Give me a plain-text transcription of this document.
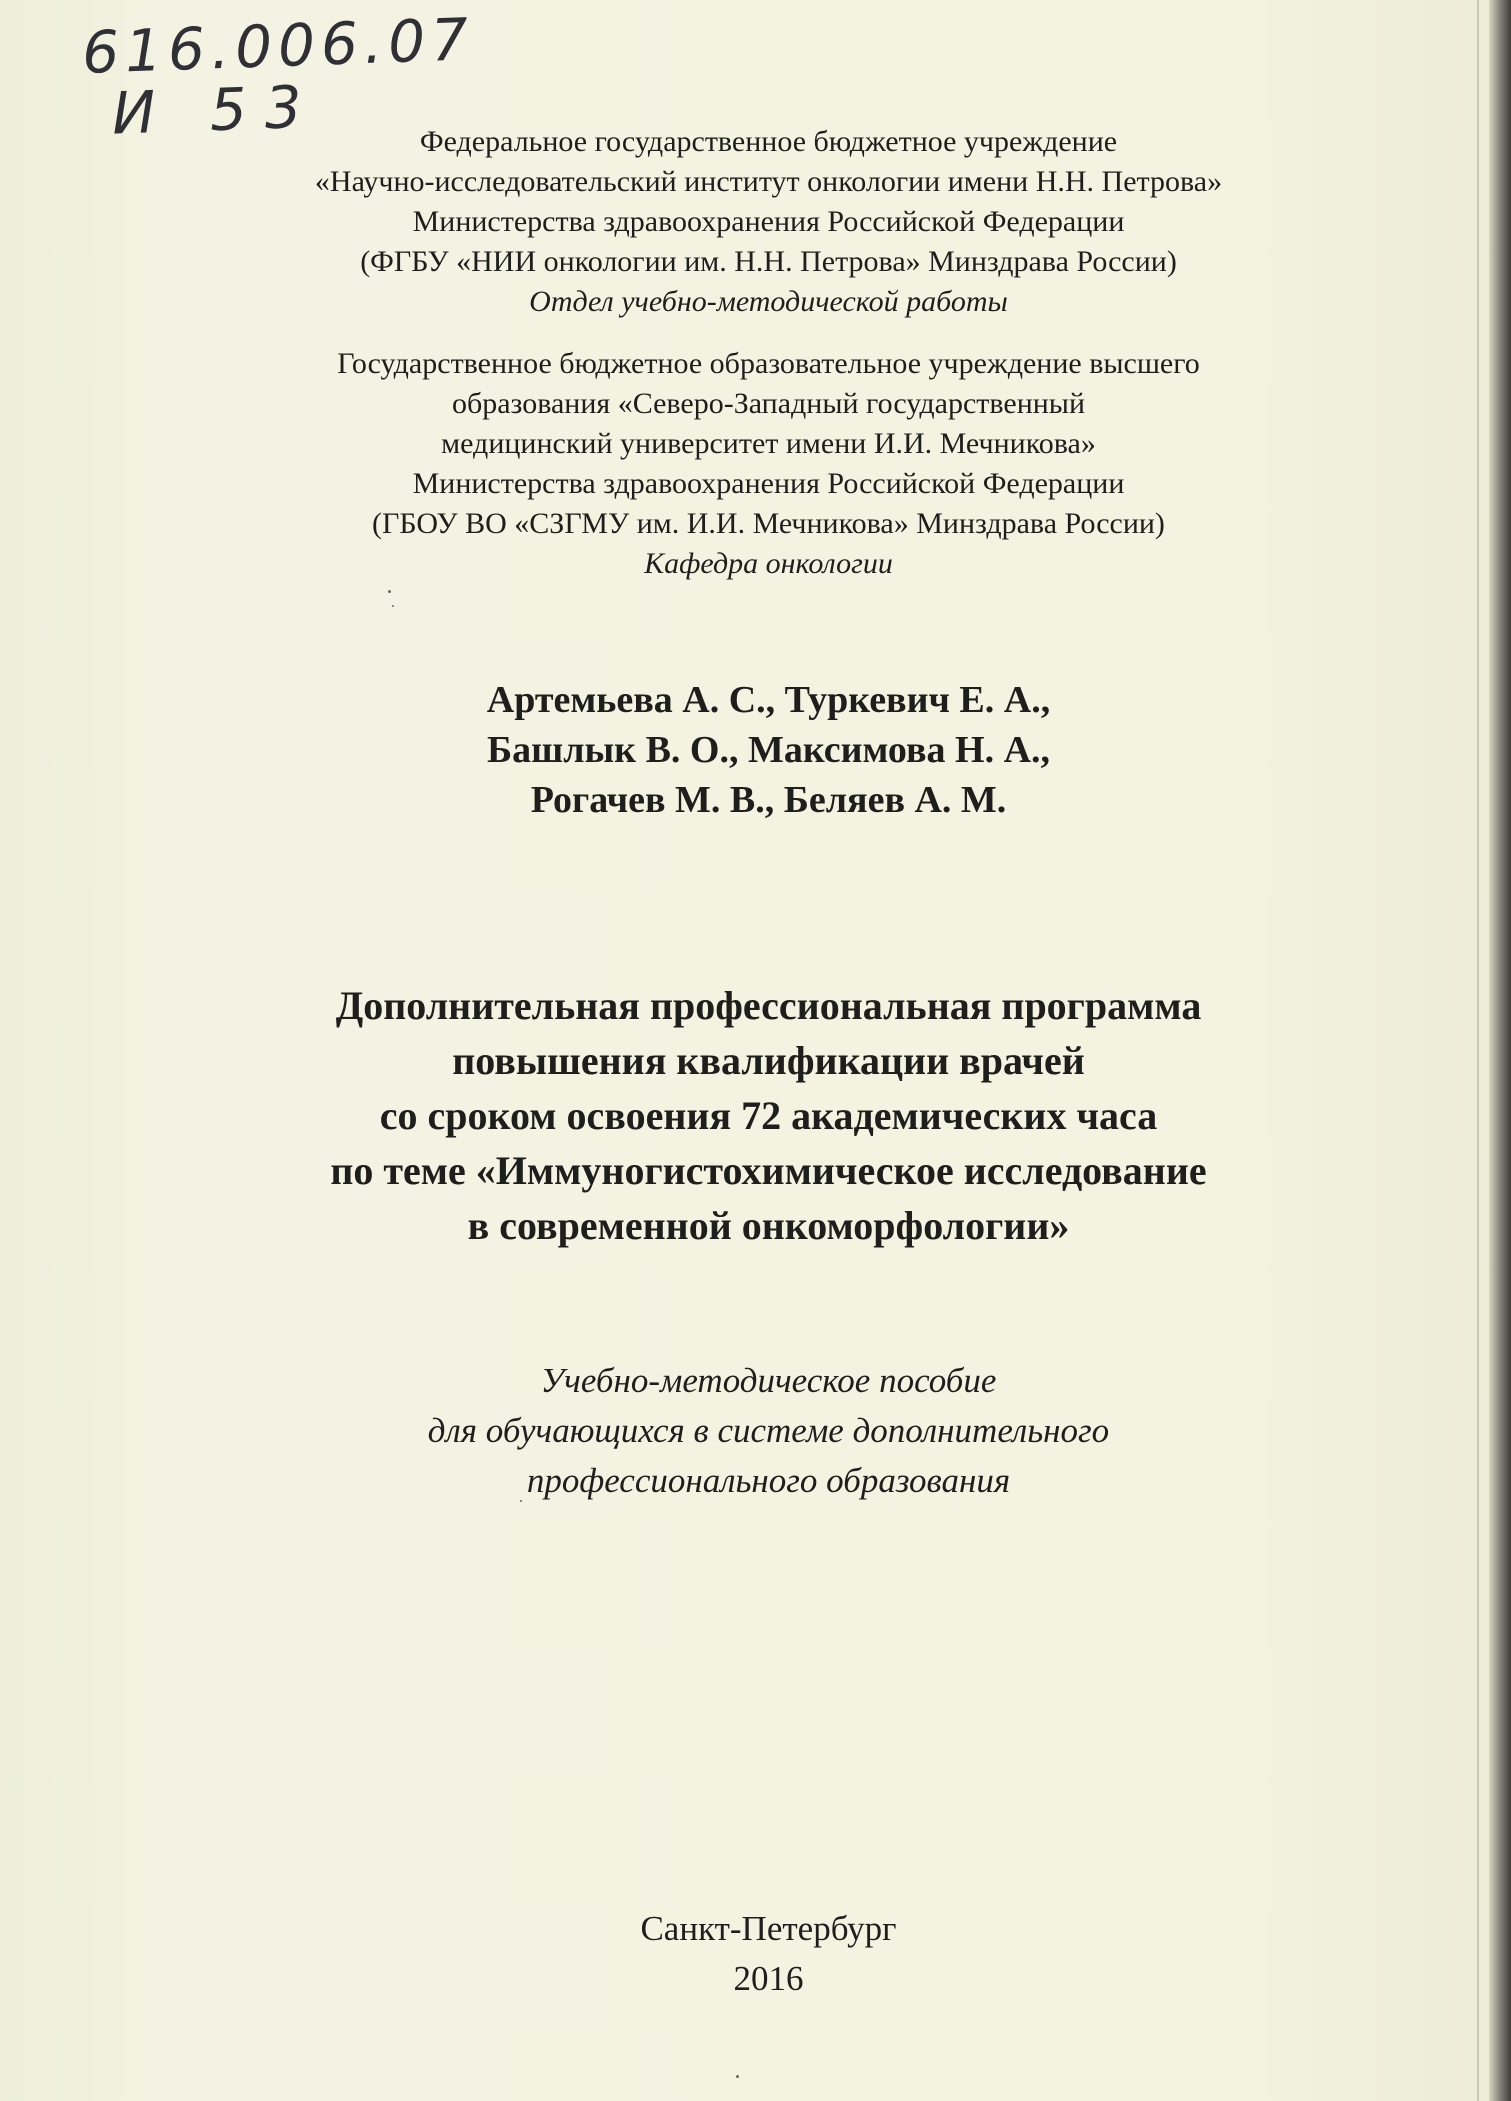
616.006.07
И 53	Федеральное государственное бюджетное учреждение
«Научно-исследовательский институт онкологии имени Н.Н. Петрова»
Министерства здравоохранения Российской Федерации
(ФГБУ «НИИ онкологии им. Н.Н. Петрова» Минздрава России)
Отдел учебно-методической работы
Государственное бюджетное образовательное учреждение высшего
образования «Северо-Западный государственный
медицинский университет имени И.И. Мечникова»
Министерства здравоохранения Российской Федерации
(ГБОУ ВО «СЗГМУ им. И.И. Мечникова» Минздрава России)
Кафедра онкологии
Артемьева А. С., Туркевич Е. А.,
Башлык В. О., Максимова Н. А.,
Рогачев М. В., Беляев А. М.
Дополнительная профессиональная программа
повышения квалификации врачей
со сроком освоения 72 академических часа
по теме «Иммуногистохимическое исследование
в современной онкоморфологии»
Учебно-методическое пособие
для обучающихся в системе дополнительного
профессионального образования
Санкт-Петербург
2016
